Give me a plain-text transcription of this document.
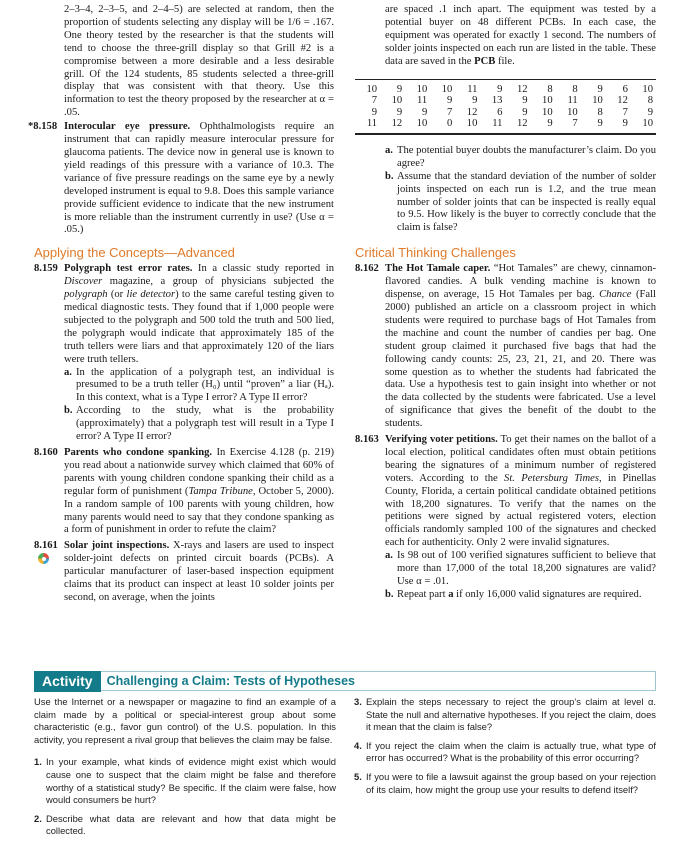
2–3–4, 2–3–5, and 2–4–5) are selected at random, then the proportion of students selecting any display will be 1/6 = .167. One theory tested by the researcher is that the students will tend to choose the three-grill display so that Grill #2 is a compromise between a more desirable and a less desirable grill. Of the 124 students, 85 students selected a three-grill display that was consistent with that theory. Use this information to test the theory proposed by the researcher at α = .05.

*8.158 Interocular eye pressure. Ophthalmologists require an instrument that can rapidly measure interocular pressure for glaucoma patients. The device now in general use is known to yield readings of this pressure with a variance of 10.3. The variance of five pressure readings on the same eye by a newly developed instrument is equal to 9.8. Does this sample variance provide sufficient evidence to indicate that the new instrument is more reliable than the instrument currently in use? (Use α = .05.)
Applying the Concepts—Advanced
8.159 Polygraph test error rates. In a classic study reported in Discover magazine, a group of physicians subjected the polygraph (or lie detector) to the same careful testing given to medical diagnostic tests. They found that if 1,000 people were subjected to the polygraph and 500 told the truth and 500 lied, the polygraph would indicate that approximately 185 of the truth tellers were liars and that approximately 120 of the liars were truth tellers.
a. In the application of a polygraph test, an individual is presumed to be a truth teller (H₀) until “proven” a liar (Hₐ). In this context, what is a Type I error? A Type II error?
b. According to the study, what is the probability (approximately) that a polygraph test will result in a Type I error? A Type II error?
8.160 Parents who condone spanking. In Exercise 4.128 (p. 219) you read about a nationwide survey which claimed that 60% of parents with young children condone spanking their child as a regular form of punishment (Tampa Tribune, October 5, 2000). In a random sample of 100 parents with young children, how many parents would need to say that they condone spanking as a form of punishment in order to refute the claim?
8.161 Solar joint inspections. X-rays and lasers are used to inspect solder-joint defects on printed circuit boards (PCBs). A particular manufacturer of laser-based inspection equipment claims that its product can inspect at least 10 solder joints per second, on average, when the joints

are spaced .1 inch apart. The equipment was tested by a potential buyer on 48 different PCBs. In each case, the equipment was operated for exactly 1 second. The numbers of solder joints inspected on each run are listed in the table. These data are saved in the PCB file.

10	9	10	10	11	9	12	8	8	9	6	10
7	10	11	9	9	13	9	10	11	10	12	8
9	9	9	7	12	6	9	10	10	8	7	9
11	12	10	0	10	11	12	9	7	9	9	10
a. The potential buyer doubts the manufacturer’s claim. Do you agree?
b. Assume that the standard deviation of the number of solder joints inspected on each run is 1.2, and the true mean number of solder joints that can be inspected is really equal to 9.5. How likely is the buyer to correctly conclude that the claim is false?
Critical Thinking Challenges
8.162 The Hot Tamale caper. “Hot Tamales” are chewy, cinnamon-flavored candies. A bulk vending machine is known to dispense, on average, 15 Hot Tamales per bag. Chance (Fall 2000) published an article on a classroom project in which students were required to purchase bags of Hot Tamales from the machine and count the number of candies per bag. One student group claimed it purchased five bags that had the following candy counts: 25, 23, 21, 21, and 20. There was some question as to whether the students had fabricated the data. Use a hypothesis test to gain insight into whether or not the data collected by the students were fabricated. Use a level of significance that gives the benefit of the doubt to the students.
8.163 Verifying voter petitions. To get their names on the ballot of a local election, political candidates often must obtain petitions bearing the signatures of a minimum number of registered voters. According to the St. Petersburg Times, in Pinellas County, Florida, a certain political candidate obtained petitions with 18,200 signatures. To verify that the names on the petitions were signed by actual registered voters, election officials randomly sampled 100 of the signatures and checked each for authenticity. Only 2 were invalid signatures.
a. Is 98 out of 100 verified signatures sufficient to believe that more than 17,000 of the total 18,200 signatures are valid? Use α = .01.
b. Repeat part a if only 16,000 valid signatures are required.
Activity	Challenging a Claim: Tests of Hypotheses

Use the Internet or a newspaper or magazine to find an example of a claim made by a political or special-interest group about some characteristic (e.g., favor gun control) of the U.S. population. In this activity, you represent a rival group that believes the claim may be false.

1. In your example, what kinds of evidence might exist which would cause one to suspect that the claim might be false and therefore worthy of a statistical study? Be specific. If the claim were false, how would consumers be hurt?
2. Describe what data are relevant and how that data might be collected.
3. Explain the steps necessary to reject the group’s claim at level α. State the null and alternative hypotheses. If you reject the claim, does it mean that the claim is false?
4. If you reject the claim when the claim is actually true, what type of error has occurred? What is the probability of this error occurring?
5. If you were to file a lawsuit against the group based on your rejection of its claim, how might the group use your results to defend itself?
